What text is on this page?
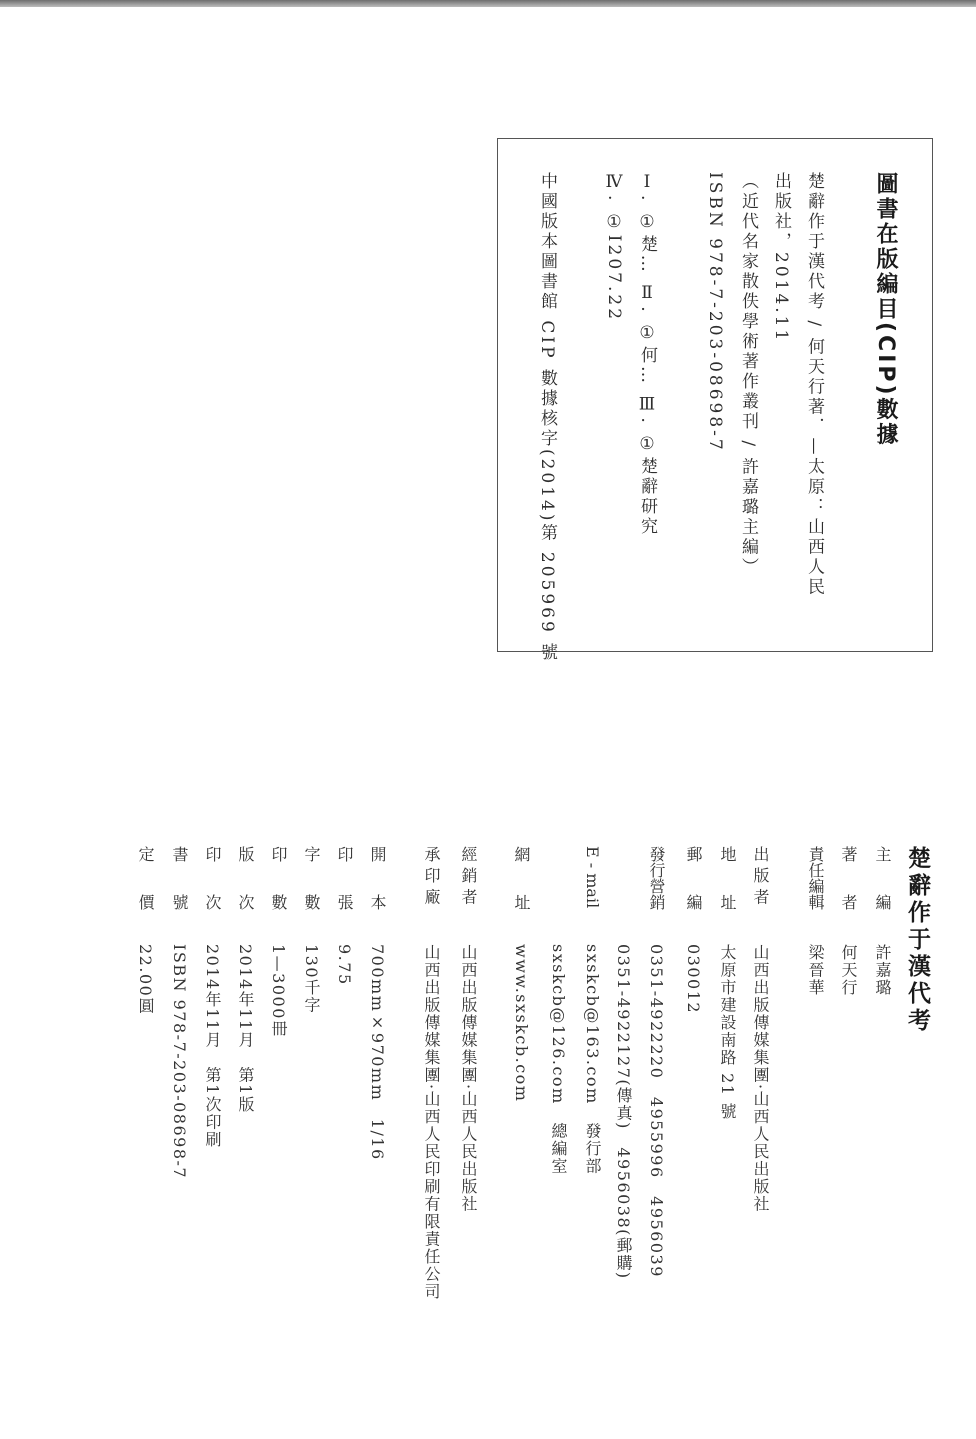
圖書在版編目(CIP)數據
楚辭作于漢代考 / 何天行著．—太原：山西人民
出版社，2014.11
（近代名家散佚學術著作叢刊 / 許嘉璐主編）
ISBN 978-7-203-08698-7
Ⅰ. ①楚… Ⅱ. ①何… Ⅲ. ①楚辭研究
Ⅳ. ①I207.22
中國版本圖書館 CIP 數據核字(2014)第 205969 號
楚辭作于漢代考
主　　編
許嘉璐
著　　者
何天行
責任編輯
梁晉華
出 版 者
山西出版傳媒集團·山西人民出版社
地　　址
太原市建設南路 21 號
郵　　編
030012
發行營銷
0351-4922220　4955996　4956039
0351-4922127(傳真)　4956038(郵購)
E - mail
sxskcb@163.com　發行部
sxskcb@126.com　總編室
網　　址
www.sxskcb.com
經 銷 者
山西出版傳媒集團·山西人民出版社
承 印 廠
山西出版傳媒集團·山西人民印刷有限責任公司
開　　本
700mm×970mm　1/16
印　　張
9.75
字　　數
130千字
印　　數
1—3000冊
版　　次
2014年11月　第1版
印　　次
2014年11月　第1次印刷
書　　號
ISBN 978-7-203-08698-7
定　　價
22.00圓
